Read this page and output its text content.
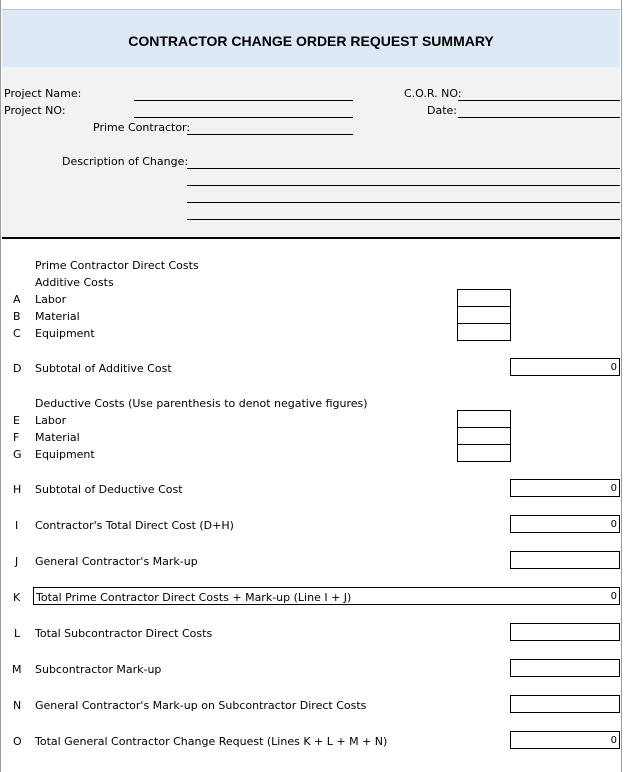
CONTRACTOR CHANGE ORDER REQUEST SUMMARY
Project Name:
Project NO:
Prime Contractor:
C.O.R. NO:
Date:
Description of Change:
Prime Contractor Direct Costs
Additive Costs
A Labor
B Material
C Equipment
D Subtotal of Additive Cost	0
Deductive Costs (Use parenthesis to denot negative figures)
E Labor
F Material
G Equipment
H Subtotal of Deductive Cost	0
I Contractor's Total Direct Cost (D+H)	0
J General Contractor's Mark-up
K Total Prime Contractor Direct Costs + Mark-up (Line I + J)	0
L Total Subcontractor Direct Costs
M Subcontractor Mark-up
N General Contractor's Mark-up on Subcontractor Direct Costs
O Total General Contractor Change Request (Lines K + L + M + N)	0
